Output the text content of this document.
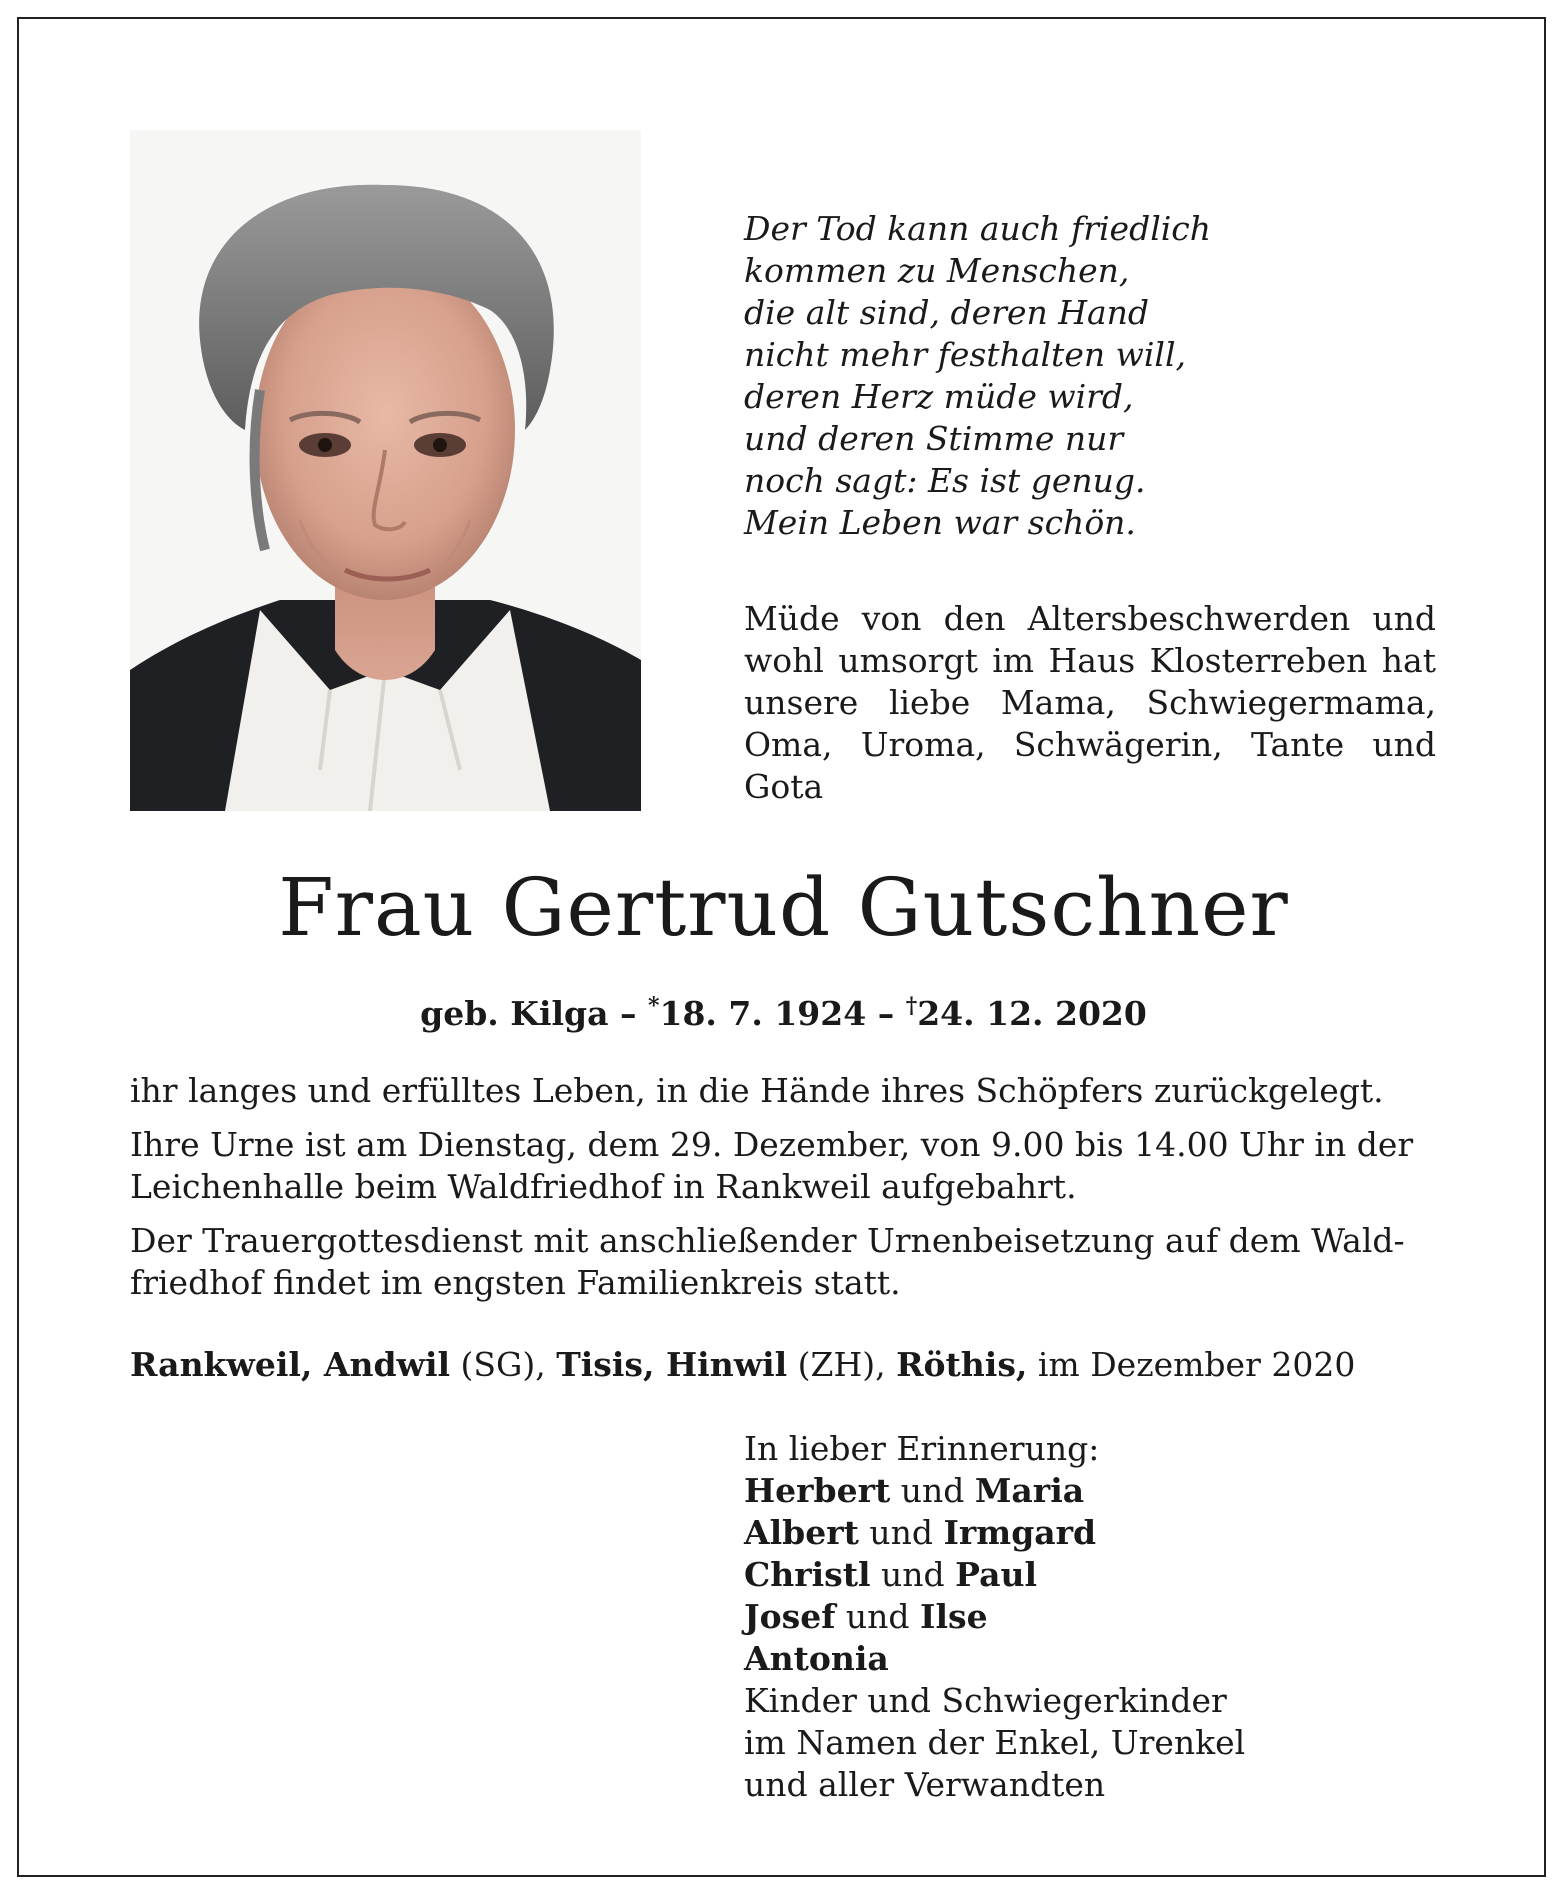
Der Tod kann auch friedlich
kommen zu Menschen,
die alt sind, deren Hand
nicht mehr festhalten will,
deren Herz müde wird,
und deren Stimme nur
noch sagt: Es ist genug.
Mein Leben war schön.
Müde von den Altersbeschwerden und
wohl umsorgt im Haus Klosterreben hat
unsere liebe Mama, Schwiegermama,
Oma, Uroma, Schwägerin, Tante und
Gota
Frau Gertrud Gutschner
geb. Kilga – *18. 7. 1924 – †24. 12. 2020

ihr langes und erfülltes Leben, in die Hände ihres Schöpfers zurückgelegt.

Ihre Urne ist am Dienstag, dem 29. Dezember, von 9.00 bis 14.00 Uhr in der
Leichenhalle beim Waldfriedhof in Rankweil aufgebahrt.

Der Trauergottesdienst mit anschließender Urnenbeisetzung auf dem Wald-
friedhof findet im engsten Familienkreis statt.

Rankweil, Andwil (SG), Tisis, Hinwil (ZH), Röthis, im Dezember 2020
In lieber Erinnerung:
Herbert und Maria
Albert und Irmgard
Christl und Paul
Josef und Ilse
Antonia
Kinder und Schwiegerkinder
im Namen der Enkel, Urenkel
und aller Verwandten
